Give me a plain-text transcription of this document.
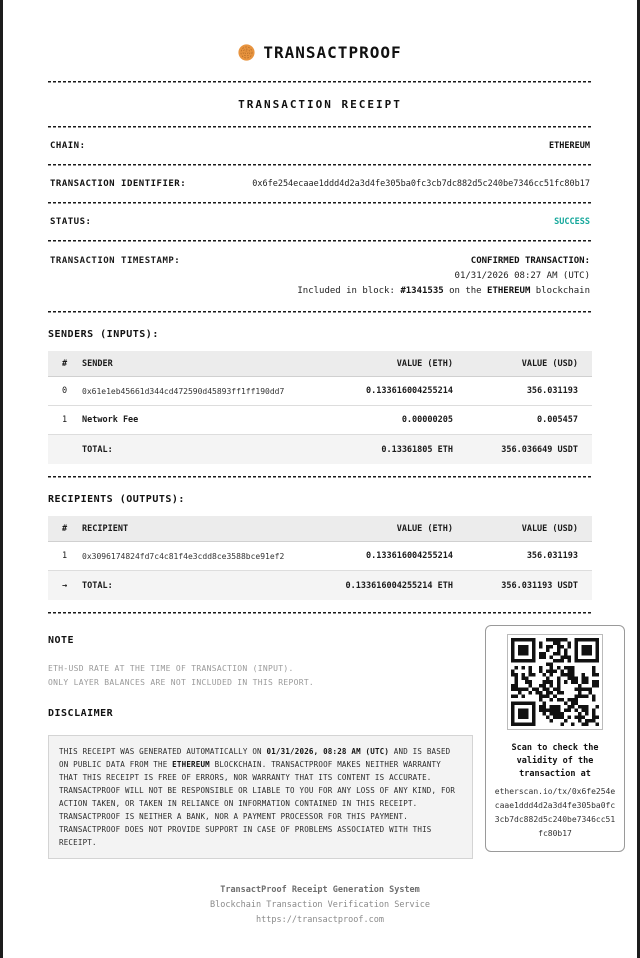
TRANSACTPROOF
TRANSACTION RECEIPT
CHAIN:	ETHEREUM
TRANSACTION IDENTIFIER:	0x6fe254ecaae1ddd4d2a3d4fe305ba0fc3cb7dc882d5c240be7346cc51fc80b17
STATUS:	SUCCESS
TRANSACTION TIMESTAMP:	CONFIRMED TRANSACTION:
01/31/2026 08:27 AM (UTC)
Included in block: #1341535 on the ETHEREUM blockchain
SENDERS (INPUTS):
#	SENDER	VALUE (ETH)	VALUE (USD)
0	0x61e1eb45661d344cd472590d45893ff1ff190dd7	0.133616004255214	356.031193
1	Network Fee	0.00000205	0.005457
TOTAL:	0.13361805 ETH	356.036649 USDT
RECIPIENTS (OUTPUTS):
#	RECIPIENT	VALUE (ETH)	VALUE (USD)
1	0x3096174824fd7c4c81f4e3cdd8ce3588bce91ef2	0.133616004255214	356.031193
→	TOTAL:	0.133616004255214 ETH	356.031193 USDT
NOTE
ETH-USD RATE AT THE TIME OF TRANSACTION (INPUT).
ONLY LAYER BALANCES ARE NOT INCLUDED IN THIS REPORT.
DISCLAIMER
THIS RECEIPT WAS GENERATED AUTOMATICALLY ON 01/31/2026, 08:28 AM (UTC) AND IS BASED ON PUBLIC DATA FROM THE ETHEREUM BLOCKCHAIN. TRANSACTPROOF MAKES NEITHER WARRANTY THAT THIS RECEIPT IS FREE OF ERRORS, NOR WARRANTY THAT ITS CONTENT IS ACCURATE. TRANSACTPROOF WILL NOT BE RESPONSIBLE OR LIABLE TO YOU FOR ANY LOSS OF ANY KIND, FOR ACTION TAKEN, OR TAKEN IN RELIANCE ON INFORMATION CONTAINED IN THIS RECEIPT. TRANSACTPROOF IS NEITHER A BANK, NOR A PAYMENT PROCESSOR FOR THIS PAYMENT. TRANSACTPROOF DOES NOT PROVIDE SUPPORT IN CASE OF PROBLEMS ASSOCIATED WITH THIS RECEIPT.
Scan to check the validity of the transaction at
etherscan.io/tx/0x6fe254ecaae1ddd4d2a3d4fe305ba0fc3cb7dc882d5c240be7346cc51fc80b17
TransactProof Receipt Generation System
Blockchain Transaction Verification Service
https://transactproof.com
